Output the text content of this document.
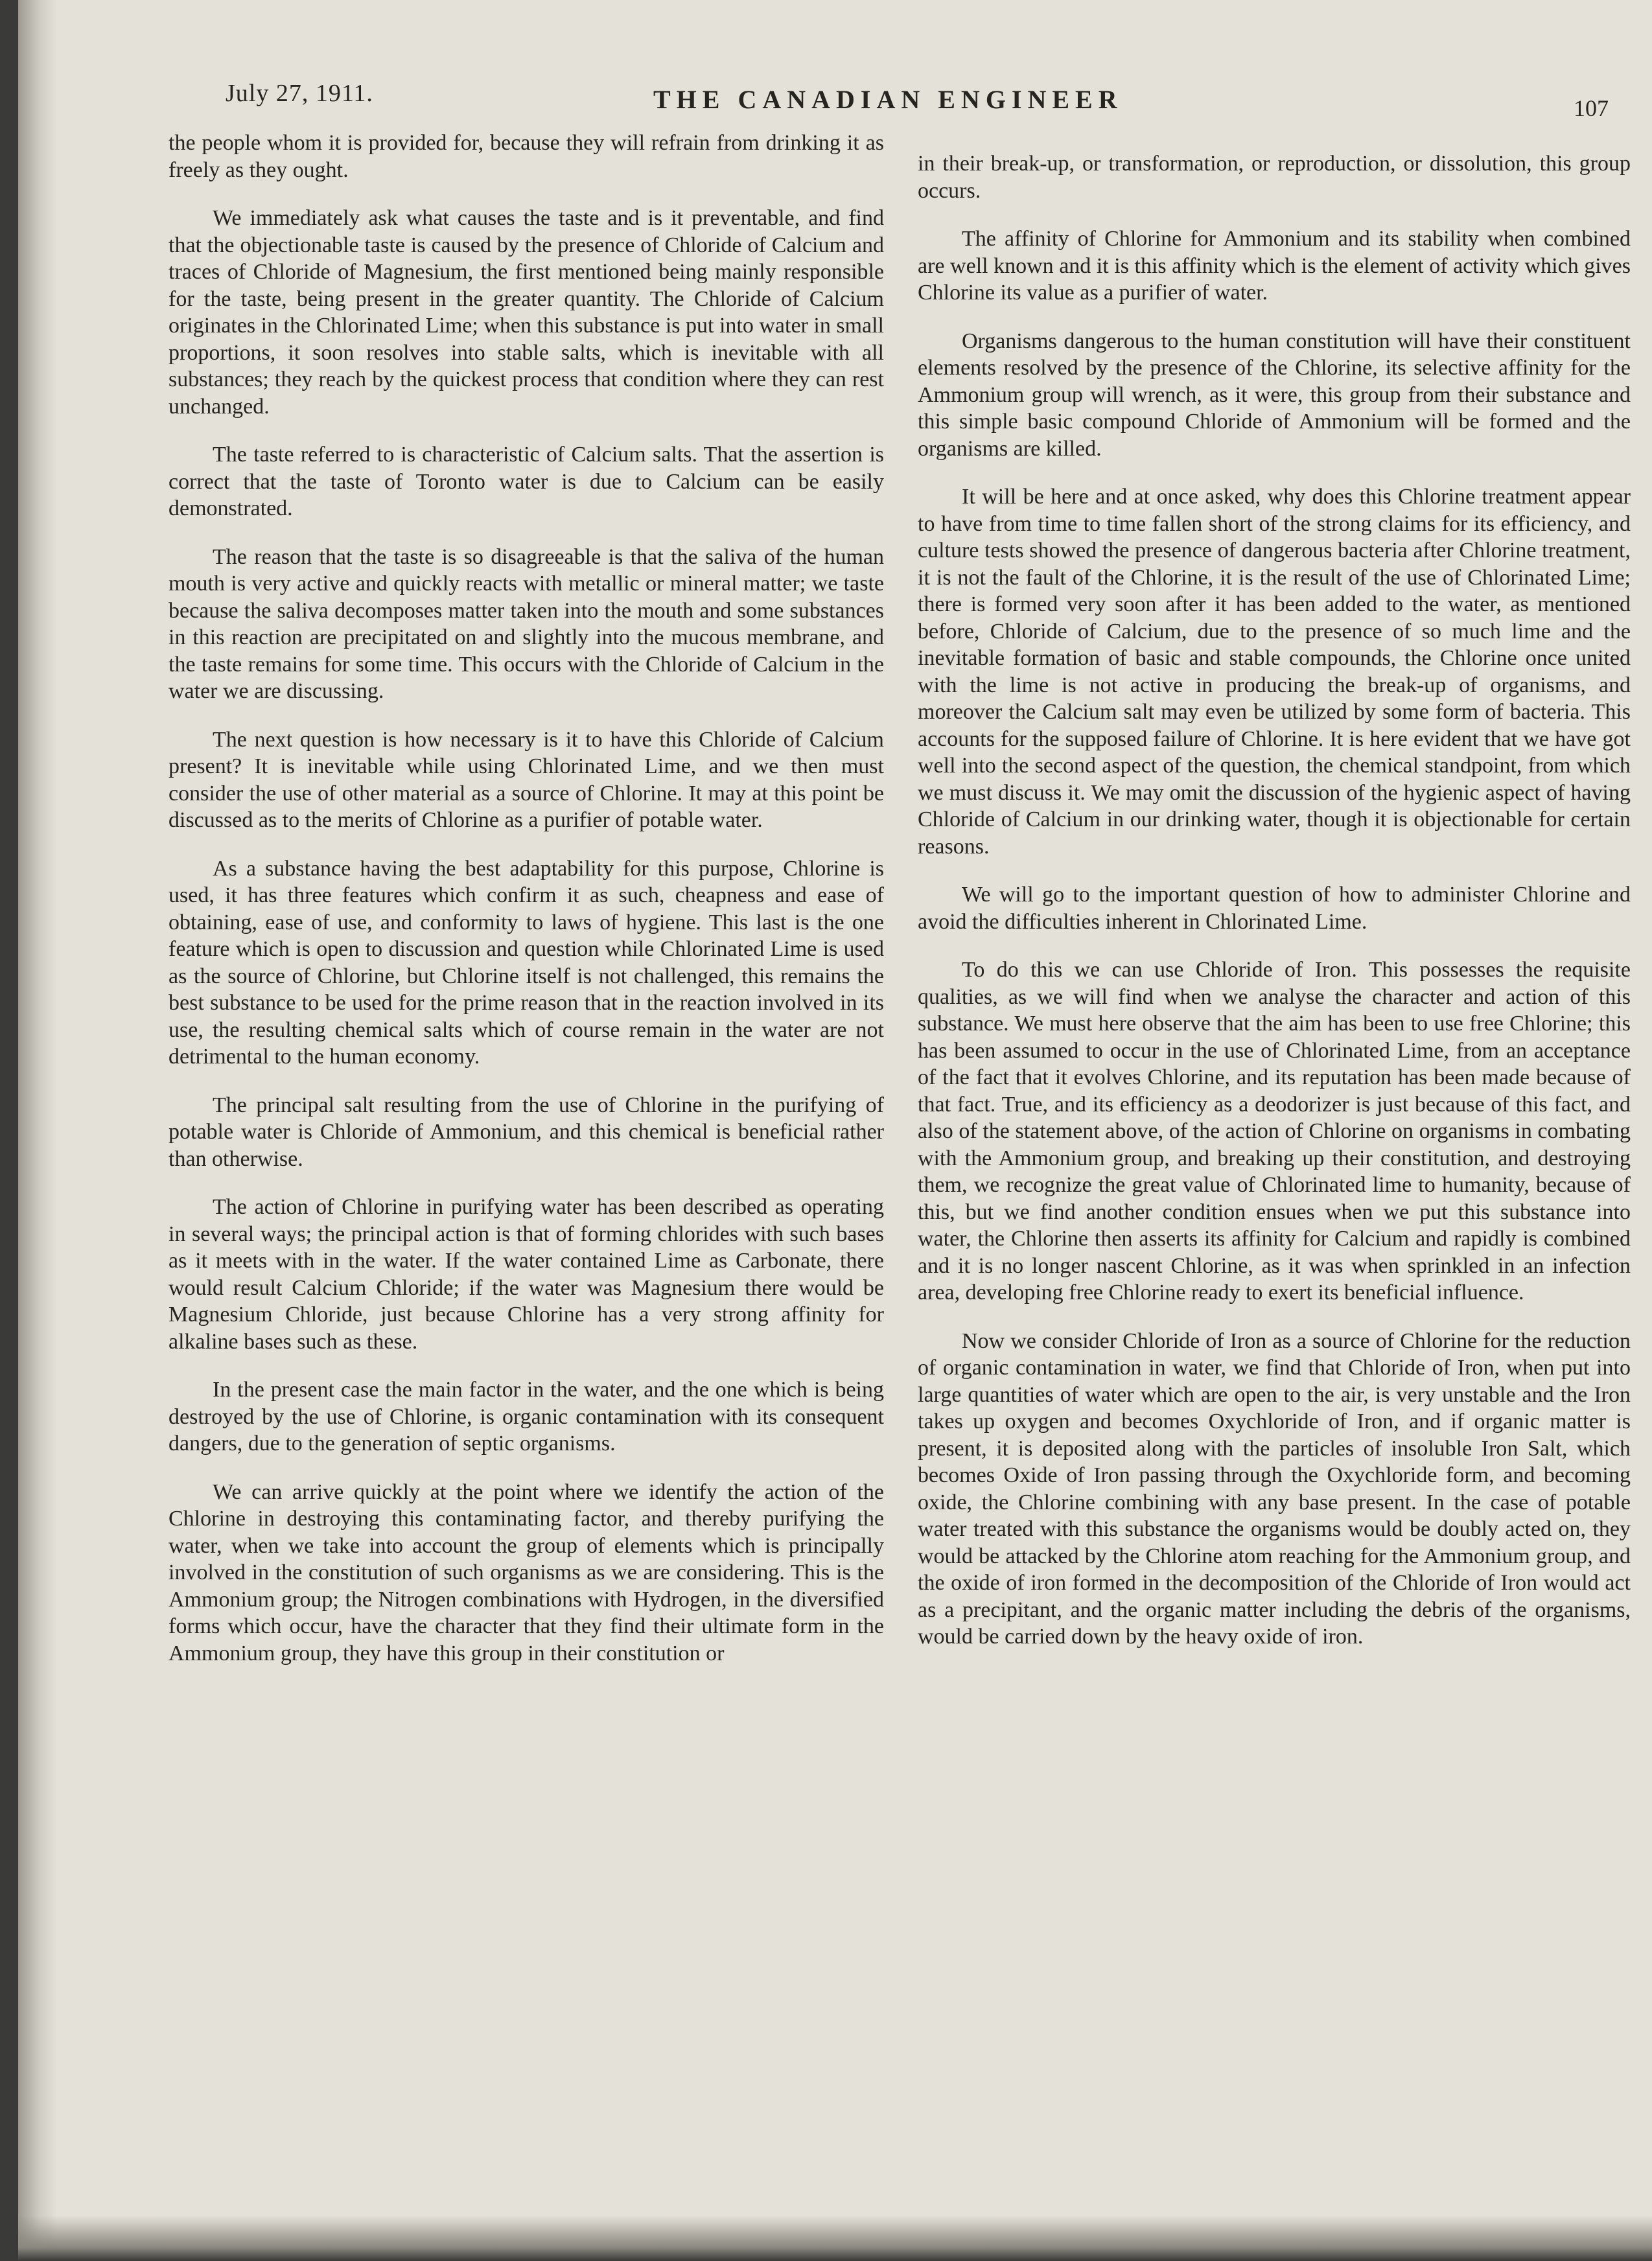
July 27, 1911.	THE CANADIAN ENGINEER	107

the people whom it is provided for, because they will refrain from drinking it as freely as they ought.

We immediately ask what causes the taste and is it preventable, and find that the objectionable taste is caused by the presence of Chloride of Calcium and traces of Chloride of Magnesium, the first mentioned being mainly responsible for the taste, being present in the greater quantity. The Chloride of Calcium originates in the Chlorinated Lime; when this substance is put into water in small proportions, it soon resolves into stable salts, which is inevitable with all substances; they reach by the quickest process that condition where they can rest unchanged.

The taste referred to is characteristic of Calcium salts. That the assertion is correct that the taste of Toronto water is due to Calcium can be easily demonstrated.

The reason that the taste is so disagreeable is that the saliva of the human mouth is very active and quickly reacts with metallic or mineral matter; we taste because the saliva decomposes matter taken into the mouth and some substances in this reaction are precipitated on and slightly into the mucous membrane, and the taste remains for some time. This occurs with the Chloride of Calcium in the water we are discussing.

The next question is how necessary is it to have this Chloride of Calcium present? It is inevitable while using Chlorinated Lime, and we then must consider the use of other material as a source of Chlorine. It may at this point be discussed as to the merits of Chlorine as a purifier of potable water.

As a substance having the best adaptability for this purpose, Chlorine is used, it has three features which confirm it as such, cheapness and ease of obtaining, ease of use, and conformity to laws of hygiene. This last is the one feature which is open to discussion and question while Chlorinated Lime is used as the source of Chlorine, but Chlorine itself is not challenged, this remains the best substance to be used for the prime reason that in the reaction involved in its use, the resulting chemical salts which of course remain in the water are not detrimental to the human economy.

The principal salt resulting from the use of Chlorine in the purifying of potable water is Chloride of Ammonium, and this chemical is beneficial rather than otherwise.

The action of Chlorine in purifying water has been described as operating in several ways; the principal action is that of forming chlorides with such bases as it meets with in the water. If the water contained Lime as Carbonate, there would result Calcium Chloride; if the water was Magnesium there would be Magnesium Chloride, just because Chlorine has a very strong affinity for alkaline bases such as these.

In the present case the main factor in the water, and the one which is being destroyed by the use of Chlorine, is organic contamination with its consequent dangers, due to the generation of septic organisms.

We can arrive quickly at the point where we identify the action of the Chlorine in destroying this contaminating factor, and thereby purifying the water, when we take into account the group of elements which is principally involved in the constitution of such organisms as we are considering. This is the Ammonium group; the Nitrogen combinations with Hydrogen, in the diversified forms which occur, have the character that they find their ultimate form in the Ammonium group, they have this group in their constitution or

in their break-up, or transformation, or reproduction, or dissolution, this group occurs.

The affinity of Chlorine for Ammonium and its stability when combined are well known and it is this affinity which is the element of activity which gives Chlorine its value as a purifier of water.

Organisms dangerous to the human constitution will have their constituent elements resolved by the presence of the Chlorine, its selective affinity for the Ammonium group will wrench, as it were, this group from their substance and this simple basic compound Chloride of Ammonium will be formed and the organisms are killed.

It will be here and at once asked, why does this Chlorine treatment appear to have from time to time fallen short of the strong claims for its efficiency, and culture tests showed the presence of dangerous bacteria after Chlorine treatment, it is not the fault of the Chlorine, it is the result of the use of Chlorinated Lime; there is formed very soon after it has been added to the water, as mentioned before, Chloride of Calcium, due to the presence of so much lime and the inevitable formation of basic and stable compounds, the Chlorine once united with the lime is not active in producing the break-up of organisms, and moreover the Calcium salt may even be utilized by some form of bacteria. This accounts for the supposed failure of Chlorine. It is here evident that we have got well into the second aspect of the question, the chemical standpoint, from which we must discuss it. We may omit the discussion of the hygienic aspect of having Chloride of Calcium in our drinking water, though it is objectionable for certain reasons.

We will go to the important question of how to administer Chlorine and avoid the difficulties inherent in Chlorinated Lime.

To do this we can use Chloride of Iron. This possesses the requisite qualities, as we will find when we analyse the character and action of this substance. We must here observe that the aim has been to use free Chlorine; this has been assumed to occur in the use of Chlorinated Lime, from an acceptance of the fact that it evolves Chlorine, and its reputation has been made because of that fact. True, and its efficiency as a deodorizer is just because of this fact, and also of the statement above, of the action of Chlorine on organisms in combating with the Ammonium group, and breaking up their constitution, and destroying them, we recognize the great value of Chlorinated lime to humanity, because of this, but we find another condition ensues when we put this substance into water, the Chlorine then asserts its affinity for Calcium and rapidly is combined and it is no longer nascent Chlorine, as it was when sprinkled in an infection area, developing free Chlorine ready to exert its beneficial influence.

Now we consider Chloride of Iron as a source of Chlorine for the reduction of organic contamination in water, we find that Chloride of Iron, when put into large quantities of water which are open to the air, is very unstable and the Iron takes up oxygen and becomes Oxychloride of Iron, and if organic matter is present, it is deposited along with the particles of insoluble Iron Salt, which becomes Oxide of Iron passing through the Oxychloride form, and becoming oxide, the Chlorine combining with any base present. In the case of potable water treated with this substance the organisms would be doubly acted on, they would be attacked by the Chlorine atom reaching for the Ammonium group, and the oxide of iron formed in the decomposition of the Chloride of Iron would act as a precipitant, and the organic matter including the debris of the organisms, would be carried down by the heavy oxide of iron.
